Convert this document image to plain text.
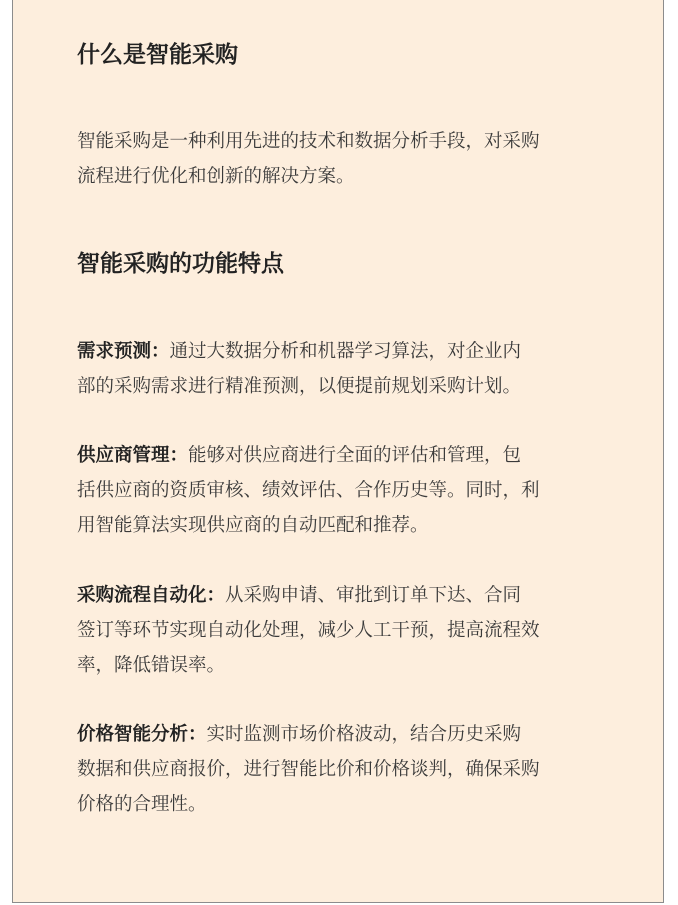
什么是智能采购

智能采购是一种利用先进的技术和数据分析手段，对采购
流程进行优化和创新的解决方案。

智能采购的功能特点

需求预测：通过大数据分析和机器学习算法，对企业内
部的采购需求进行精准预测，以便提前规划采购计划。

供应商管理：能够对供应商进行全面的评估和管理，包
括供应商的资质审核、绩效评估、合作历史等。同时，利
用智能算法实现供应商的自动匹配和推荐。

采购流程自动化：从采购申请、审批到订单下达、合同
签订等环节实现自动化处理，减少人工干预，提高流程效
率，降低错误率。

价格智能分析：实时监测市场价格波动，结合历史采购
数据和供应商报价，进行智能比价和价格谈判，确保采购
价格的合理性。
